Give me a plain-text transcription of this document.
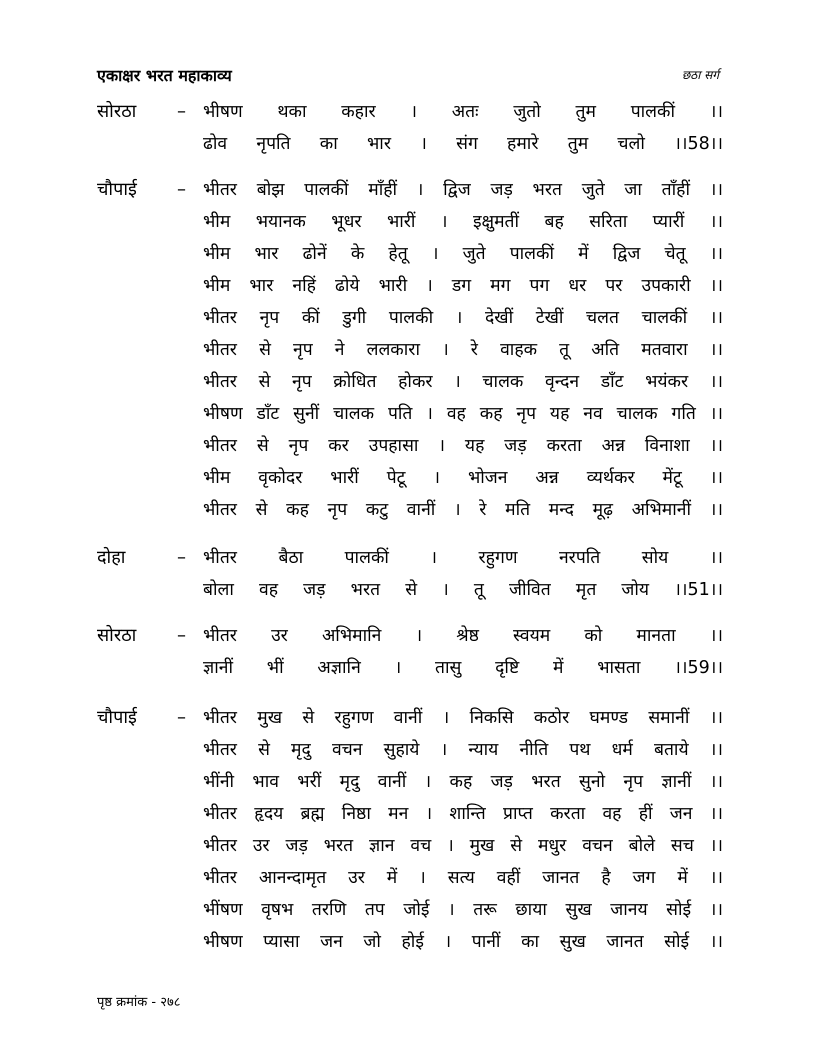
एकाक्षर भरत महाकाव्य	छठा सर्ग
सोरठा – भीषण थका कहार । अतः जुतो तुम पालकीं ।।
ढोव नृपति का भार । संग हमारे तुम चलो ।।58।।
चौपाई – भीतर बोझ पालकीं माँहीं । द्विज जड़ भरत जुते जा ताँहीं ।।
भीम भयानक भूधर भारीं । इक्षुमतीं बह सरिता प्यारीं ।।
भीम भार ढोनें के हेतू । जुते पालकीं में द्विज चेतू ।।
भीम भार नहिं ढोये भारी । डग मग पग धर पर उपकारी ।।
भीतर नृप कीं डुगी पालकी । देखीं टेखीं चलत चालकीं ।।
भीतर से नृप ने ललकारा । रे वाहक तू अति मतवारा ।।
भीतर से नृप क्रोधित होकर । चालक वृन्दन डाँट भयंकर ।।
भीषण डाँट सुनीं चालक पति । वह कह नृप यह नव चालक गति ।।
भीतर से नृप कर उपहासा । यह जड़ करता अन्न विनाशा ।।
भीम वृकोदर भारीं पेटू । भोजन अन्न व्यर्थकर मेंटू ।।
भीतर से कह नृप कटु वानीं । रे मति मन्द मूढ़ अभिमानीं ।।
दोहा	– भीतर बैठा पालकीं । रहुगण नरपति सोय ।।
बोला वह जड़ भरत से । तू जीवित मृत जोय ।।51।।
सोरठा – भीतर उर अभिमानि । श्रेष्ठ स्वयम को मानता ।।
ज्ञानीं भीं अज्ञानि । तासु दृष्टि में भासता ।।59।।
चौपाई – भीतर मुख से रहुगण वानीं । निकसि कठोर घमण्ड समानीं ।।
भीतर से मृदु वचन सुहाये । न्याय नीति पथ धर्म बताये ।।
भींनी भाव भरीं मृदु वानीं । कह जड़ भरत सुनो नृप ज्ञानीं ।।
भीतर हृदय ब्रह्म निष्ठा मन । शान्ति प्राप्त करता वह हीं जन ।।
भीतर उर जड़ भरत ज्ञान वच । मुख से मधुर वचन बोले सच ।।
भीतर आनन्दामृत उर में । सत्य वहीं जानत है जग में ।।
भींषण वृषभ तरणि तप जोई । तरू छाया सुख जानय सोई ।।
भीषण प्यासा जन जो होई । पानीं का सुख जानत सोई ।।
पृष्ठ क्रमांक - २७८
